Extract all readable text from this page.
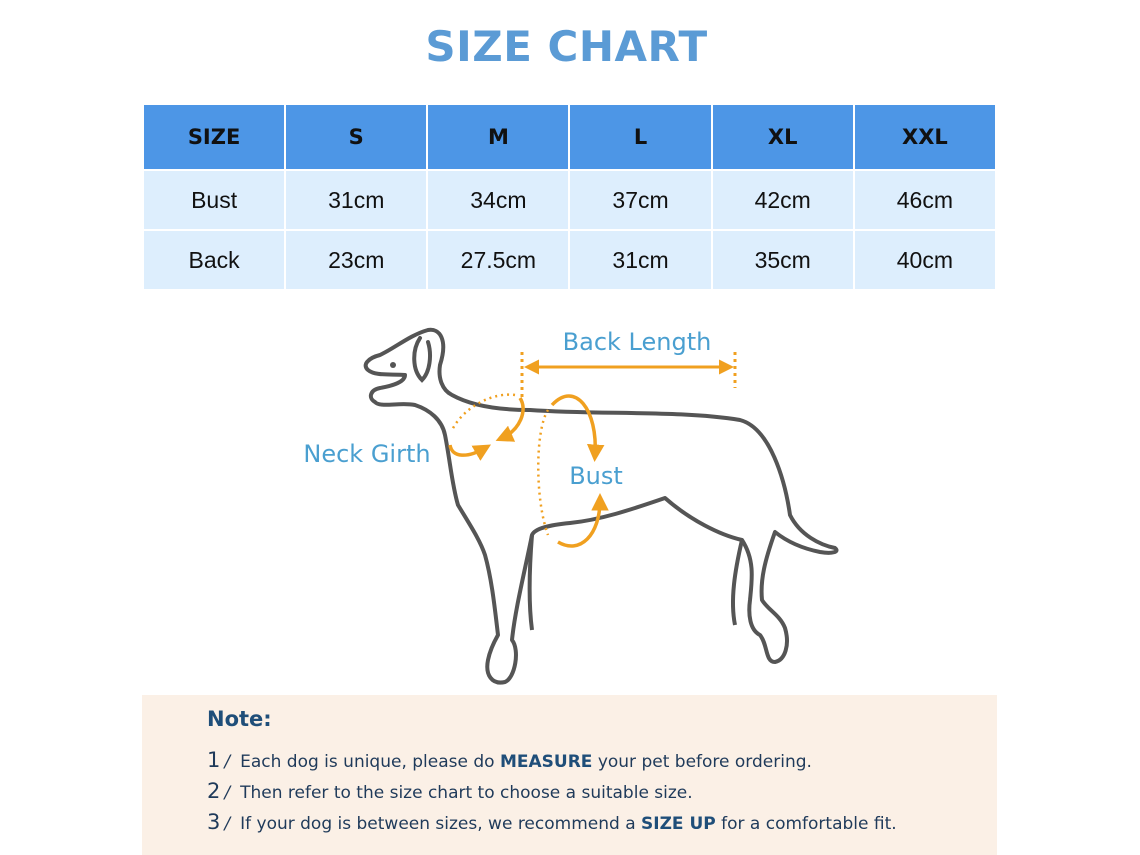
SIZE CHART
SIZE	S	M	L	XL	XXL
Bust	31cm	34cm	37cm	42cm	46cm
Back	23cm	27.5cm	31cm	35cm	40cm
Back Length
Neck Girth
Bust
Note:
1 / Each dog is unique, please do MEASURE your pet before ordering.
2 / Then refer to the size chart to choose a suitable size.
3 / If your dog is between sizes, we recommend a SIZE UP for a comfortable fit.
